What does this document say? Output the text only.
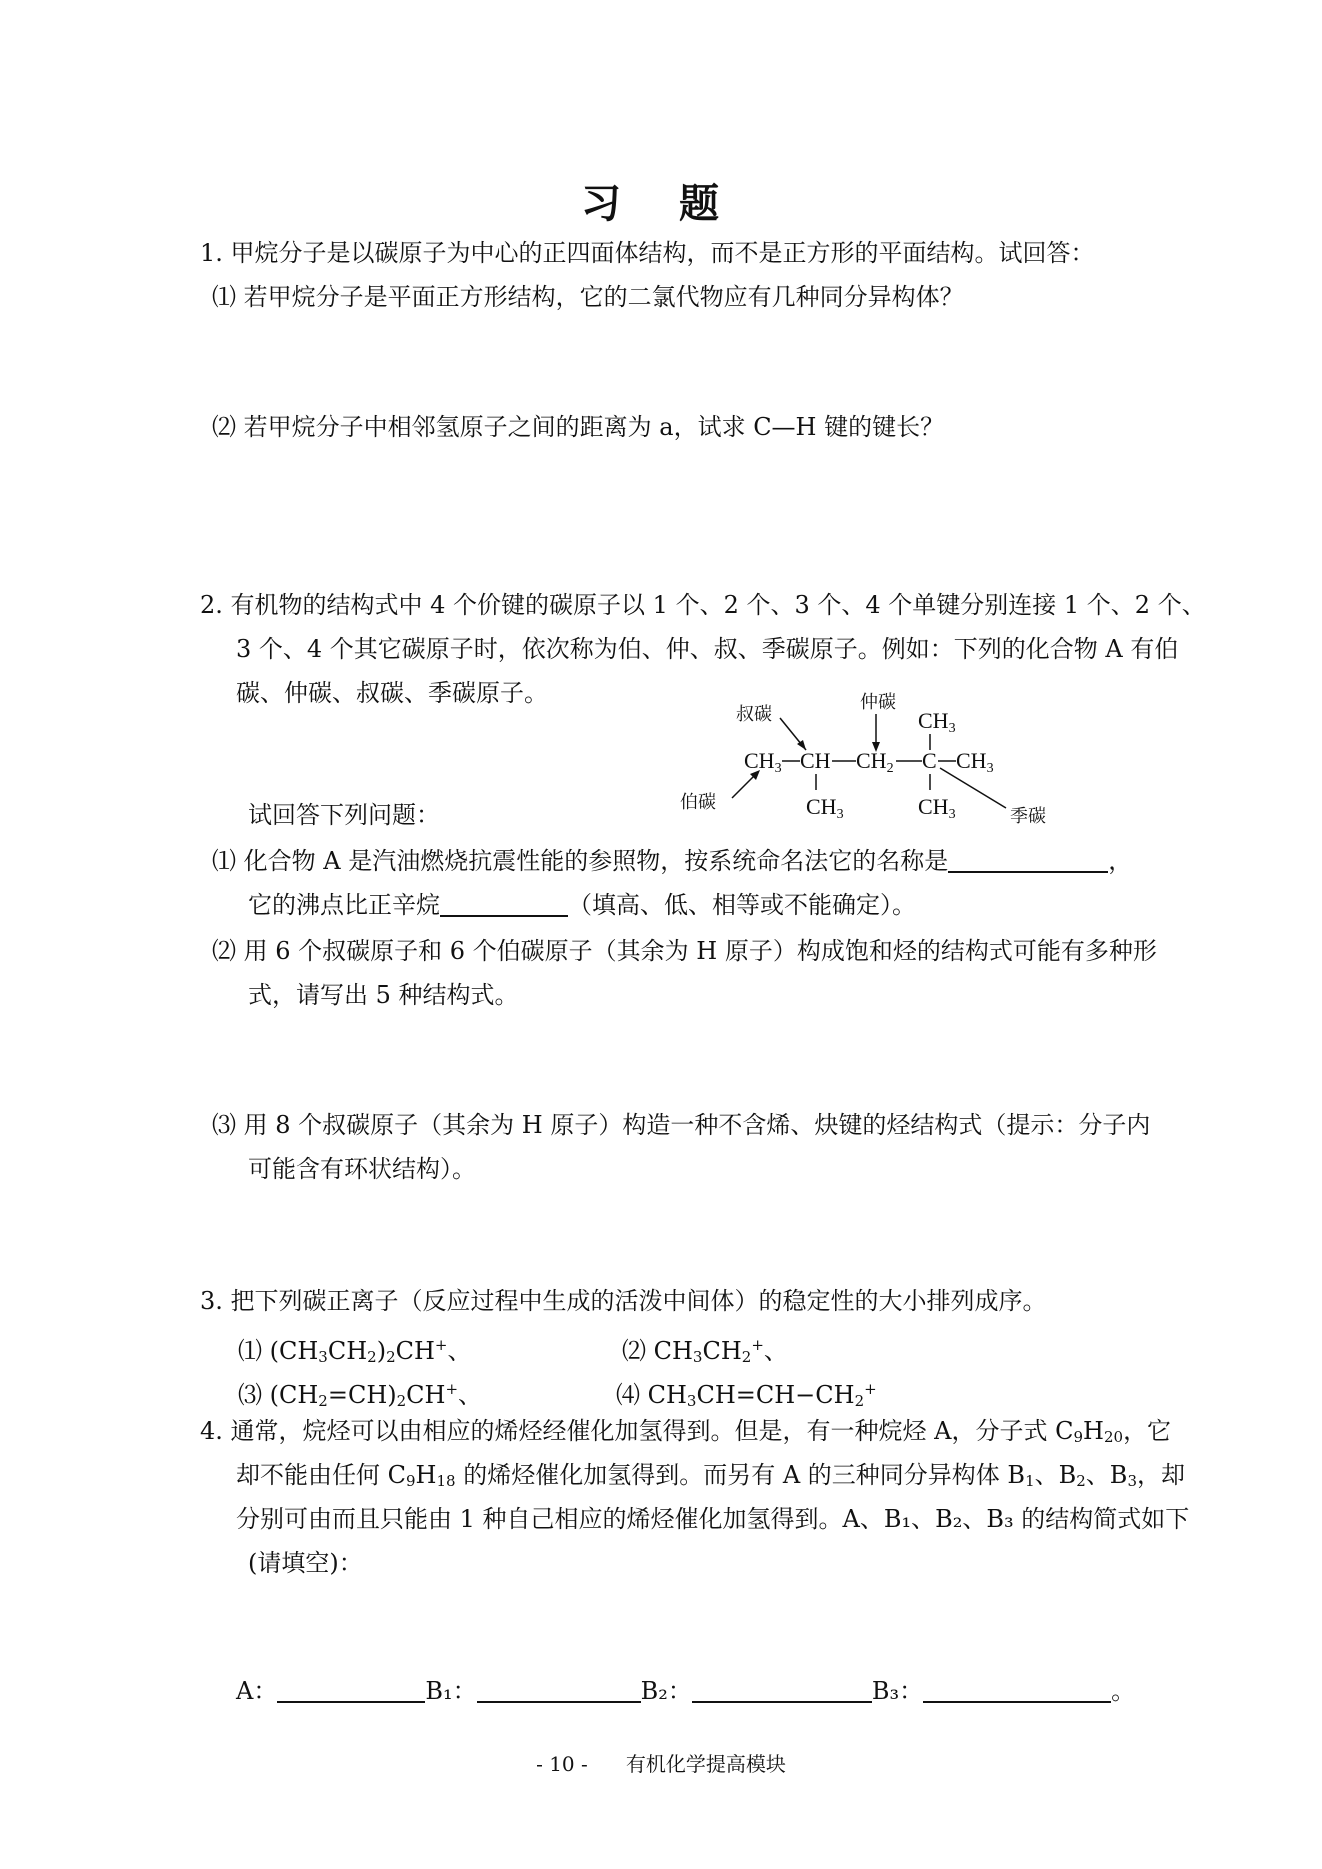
习 题
1. 甲烷分子是以碳原子为中心的正四面体结构，而不是正方形的平面结构。试回答：
⑴ 若甲烷分子是平面正方形结构，它的二氯代物应有几种同分异构体？
⑵ 若甲烷分子中相邻氢原子之间的距离为 a，试求 C—H 键的键长？
2. 有机物的结构式中 4 个价键的碳原子以 1 个、2 个、3 个、4 个单键分别连接 1 个、2 个、
3 个、4 个其它碳原子时，依次称为伯、仲、叔、季碳原子。例如：下列的化合物 A 有伯
碳、仲碳、叔碳、季碳原子。
叔碳
仲碳
伯碳
季碳
CH3
CH3 CH CH2 C CH3
CH3	CH3
试回答下列问题：
⑴ 化合物 A 是汽油燃烧抗震性能的参照物，按系统命名法它的名称是	，
它的沸点比正辛烷	（填高、低、相等或不能确定）。
⑵ 用 6 个叔碳原子和 6 个伯碳原子（其余为 H 原子）构成饱和烃的结构式可能有多种形
式，请写出 5 种结构式。
⑶ 用 8 个叔碳原子（其余为 H 原子）构造一种不含烯、炔键的烃结构式（提示：分子内
可能含有环状结构）。
3. 把下列碳正离子（反应过程中生成的活泼中间体）的稳定性的大小排列成序。
⑴ $(CH_3CH_2)_2CH^+$、	⑵ $CH_3CH_2^+$、
⑶ $(CH_2=CH)_2CH^+$、	⑷ $CH_3CH=CH-CH_2^+$
4. 通常，烷烃可以由相应的烯烃经催化加氢得到。但是，有一种烷烃 A，分子式 $C_9H_{20}$，它
却不能由任何 $C_9H_{18}$ 的烯烃催化加氢得到。而另有 A 的三种同分异构体 $B_1$、$B_2$、$B_3$，却
分别可由而且只能由 1 种自己相应的烯烃催化加氢得到。A、B₁、B₂、B₃ 的结构简式如下
(请填空)：
A：	B₁：	B₂：	B₃：	。
- 10 - 有机化学提高模块
